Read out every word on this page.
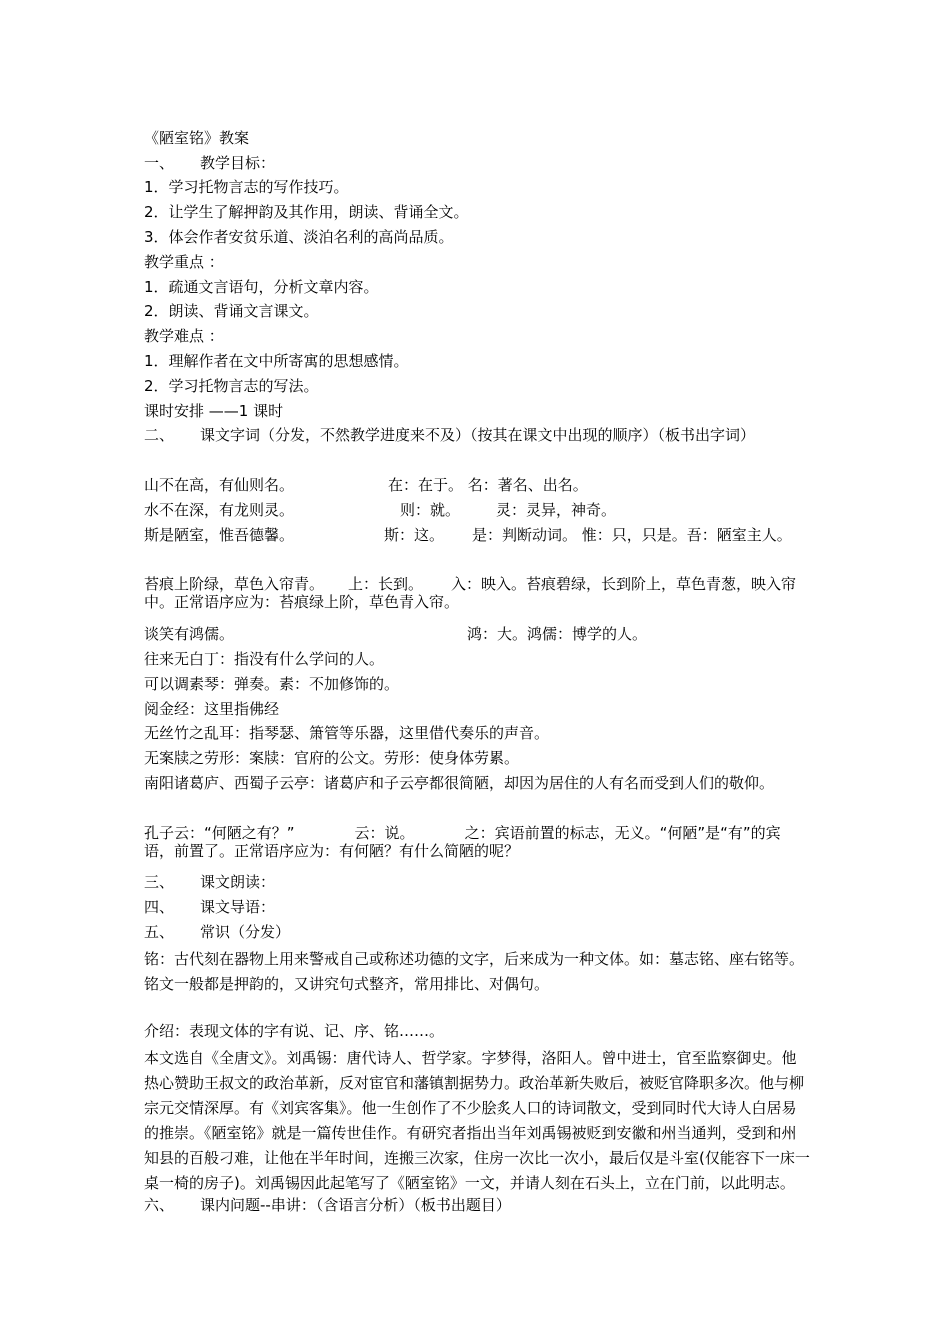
《陋室铭》教案
一、 教学目标：
1．学习托物言志的写作技巧。
2．让学生了解押韵及其作用，朗读、背诵全文。
3．体会作者安贫乐道、淡泊名利的高尚品质。
教学重点 ：
1．疏通文言语句，分析文章内容。
2．朗读、背诵文言课文。
教学难点 ：
1．理解作者在文中所寄寓的思想感情。
2．学习托物言志的写法。
课时安排 ——1 课时
二、 课文字词（分发，不然教学进度来不及）（按其在课文中出现的顺序）（板书出字词）
山不在高，有仙则名。	在：在于。 名：著名、出名。
水不在深，有龙则灵。	则：就。 灵：灵异，神奇。
斯是陋室，惟吾德馨。	斯：这。 是：判断动词。 惟：只，只是。吾：陋室主人。
苔痕上阶绿，草色入帘青。 上：长到。 入：映入。苔痕碧绿，长到阶上，草色青葱，映入帘中。正常语序应为：苔痕绿上阶，草色青入帘。
谈笑有鸿儒。	鸿：大。鸿儒：博学的人。
往来无白丁：指没有什么学问的人。
可以调素琴：弹奏。素：不加修饰的。
阅金经：这里指佛经
无丝竹之乱耳：指琴瑟、箫管等乐器，这里借代奏乐的声音。
无案牍之劳形：案牍：官府的公文。劳形：使身体劳累。
南阳诸葛庐、西蜀子云亭：诸葛庐和子云亭都很简陋，却因为居住的人有名而受到人们的敬仰。
孔子云：“何陋之有？”	云：说。	之：宾语前置的标志，无义。“何陋”是“有”的宾语，前置了。正常语序应为：有何陋？有什么简陋的呢？
三、 课文朗读：
四、 课文导语：
五、 常识（分发）
铭：古代刻在器物上用来警戒自己或称述功德的文字，后来成为一种文体。如：墓志铭、座右铭等。铭文一般都是押韵的，又讲究句式整齐，常用排比、对偶句。
介绍：表现文体的字有说、记、序、铭……。
本文选自《全唐文》。刘禹锡：唐代诗人、哲学家。字梦得，洛阳人。曾中进士，官至监察御史。他热心赞助王叔文的政治革新，反对宦官和藩镇割据势力。政治革新失败后，被贬官降职多次。他与柳宗元交情深厚。有《刘宾客集》。他一生创作了不少脍炙人口的诗词散文，受到同时代大诗人白居易的推崇。《陋室铭》就是一篇传世佳作。有研究者指出当年刘禹锡被贬到安徽和州当通判，受到和州知县的百般刁难，让他在半年时间，连搬三次家，住房一次比一次小，最后仅是斗室(仅能容下一床一桌一椅的房子)。刘禹锡因此起笔写了《陋室铭》一文，并请人刻在石头上，立在门前，以此明志。
六、 课内问题--串讲：（含语言分析）（板书出题目）
